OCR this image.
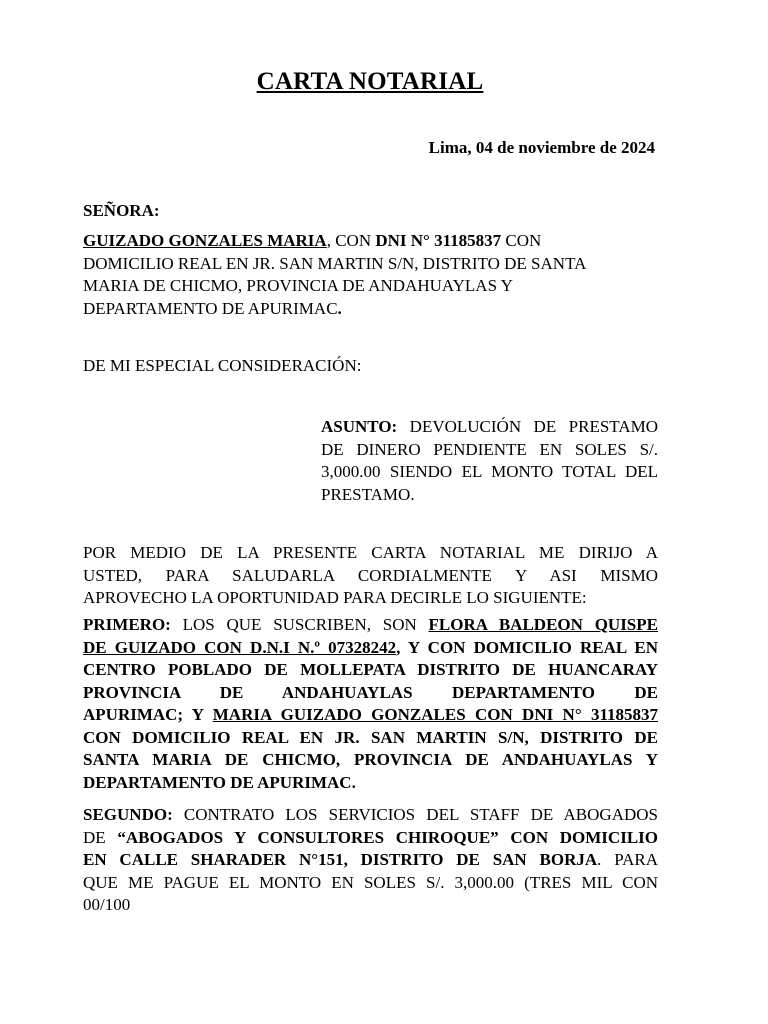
CARTA NOTARIAL
Lima, 04 de noviembre de 2024
SEÑORA:
GUIZADO GONZALES MARIA, CON DNI N° 31185837 CON
DOMICILIO REAL EN JR. SAN MARTIN S/N, DISTRITO DE SANTA
MARIA DE CHICMO, PROVINCIA DE ANDAHUAYLAS Y
DEPARTAMENTO DE APURIMAC.
DE MI ESPECIAL CONSIDERACIÓN:
ASUNTO: DEVOLUCIÓN DE PRESTAMO
DE DINERO PENDIENTE EN SOLES S/.
3,000.00 SIENDO EL MONTO TOTAL DEL
PRESTAMO.
POR MEDIO DE LA PRESENTE CARTA NOTARIAL ME DIRIJO A
USTED, PARA SALUDARLA CORDIALMENTE Y ASI MISMO
APROVECHO LA OPORTUNIDAD PARA DECIRLE LO SIGUIENTE:
PRIMERO: LOS QUE SUSCRIBEN, SON FLORA BALDEON QUISPE
DE GUIZADO CON D.N.I N.º 07328242, Y CON DOMICILIO REAL EN
CENTRO POBLADO DE MOLLEPATA DISTRITO DE HUANCARAY
PROVINCIA DE ANDAHUAYLAS DEPARTAMENTO DE
APURIMAC; Y MARIA GUIZADO GONZALES CON DNI N° 31185837
CON DOMICILIO REAL EN JR. SAN MARTIN S/N, DISTRITO DE
SANTA MARIA DE CHICMO, PROVINCIA DE ANDAHUAYLAS Y
DEPARTAMENTO DE APURIMAC.
SEGUNDO: CONTRATO LOS SERVICIOS DEL STAFF DE ABOGADOS
DE “ABOGADOS Y CONSULTORES CHIROQUE” CON DOMICILIO
EN CALLE SHARADER N°151, DISTRITO DE SAN BORJA. PARA
QUE ME PAGUE EL MONTO EN SOLES S/. 3,000.00 (TRES MIL CON
00/100
